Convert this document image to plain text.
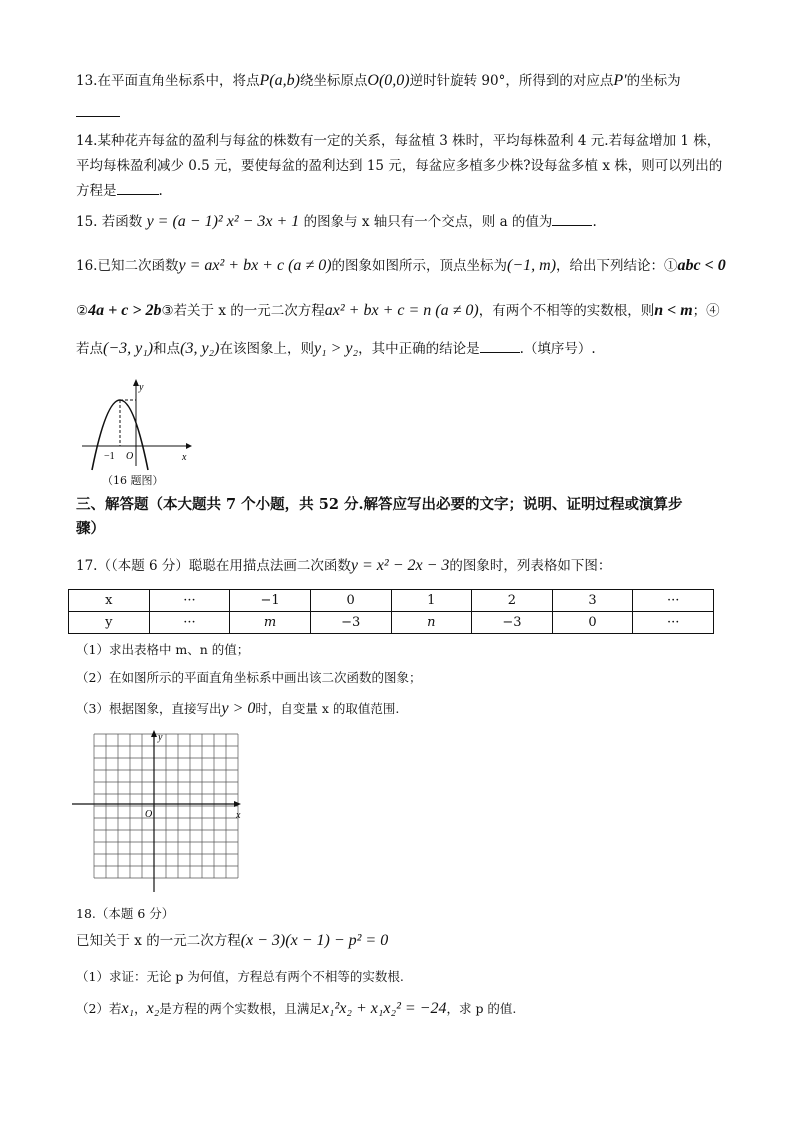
13.在平面直角坐标系中，将点P(a,b)绕坐标原点O(0,0)逆时针旋转 90°，所得到的对应点P′的坐标为
14.某种花卉每盆的盈利与每盆的株数有一定的关系，每盆植 3 株时，平均每株盈利 4 元.若每盆增加 1 株，
平均每株盈利减少 0.5 元，要使每盆的盈利达到 15 元，每盆应多植多少株?设每盆多植 x 株，则可以列出的
方程是	.
15. 若函数 y = (a − 1)² x² − 3x + 1 的图象与 x 轴只有一个交点，则 a 的值为	.
16.已知二次函数y = ax² + bx + c (a ≠ 0)的图象如图所示，顶点坐标为(−1, m)，给出下列结论：①abc < 0
②4a + c > 2b③若关于 x 的一元二次方程ax² + bx + c = n (a ≠ 0)，有两个不相等的实数根，则n < m；④
若点(−3, y₁)和点(3, y₂)在该图象上，则y₁ > y₂，其中正确的结论是	.（填序号）.
y
x
−1 O
（16 题图）
三、解答题（本大题共 7 个小题，共 52 分.解答应写出必要的文字；说明、证明过程或演算步
骤）
17.（（本题 6 分）聪聪在用描点法画二次函数y = x² − 2x − 3的图象时，列表格如下图：
x	···	−1	0	1	2	3	···
y	···	m	−3	n	−3	0	···
（1）求出表格中 m、n 的值；
（2）在如图所示的平面直角坐标系中画出该二次函数的图象；
（3）根据图象，直接写出y > 0时，自变量 x 的取值范围.
y
x
O
18.（本题 6 分）
已知关于 x 的一元二次方程(x − 3)(x − 1) − p² = 0
（1）求证：无论 p 为何值，方程总有两个不相等的实数根.
（2）若x₁，x₂是方程的两个实数根，且满足x₁²x₂ + x₁x₂² = −24，求 p 的值.
